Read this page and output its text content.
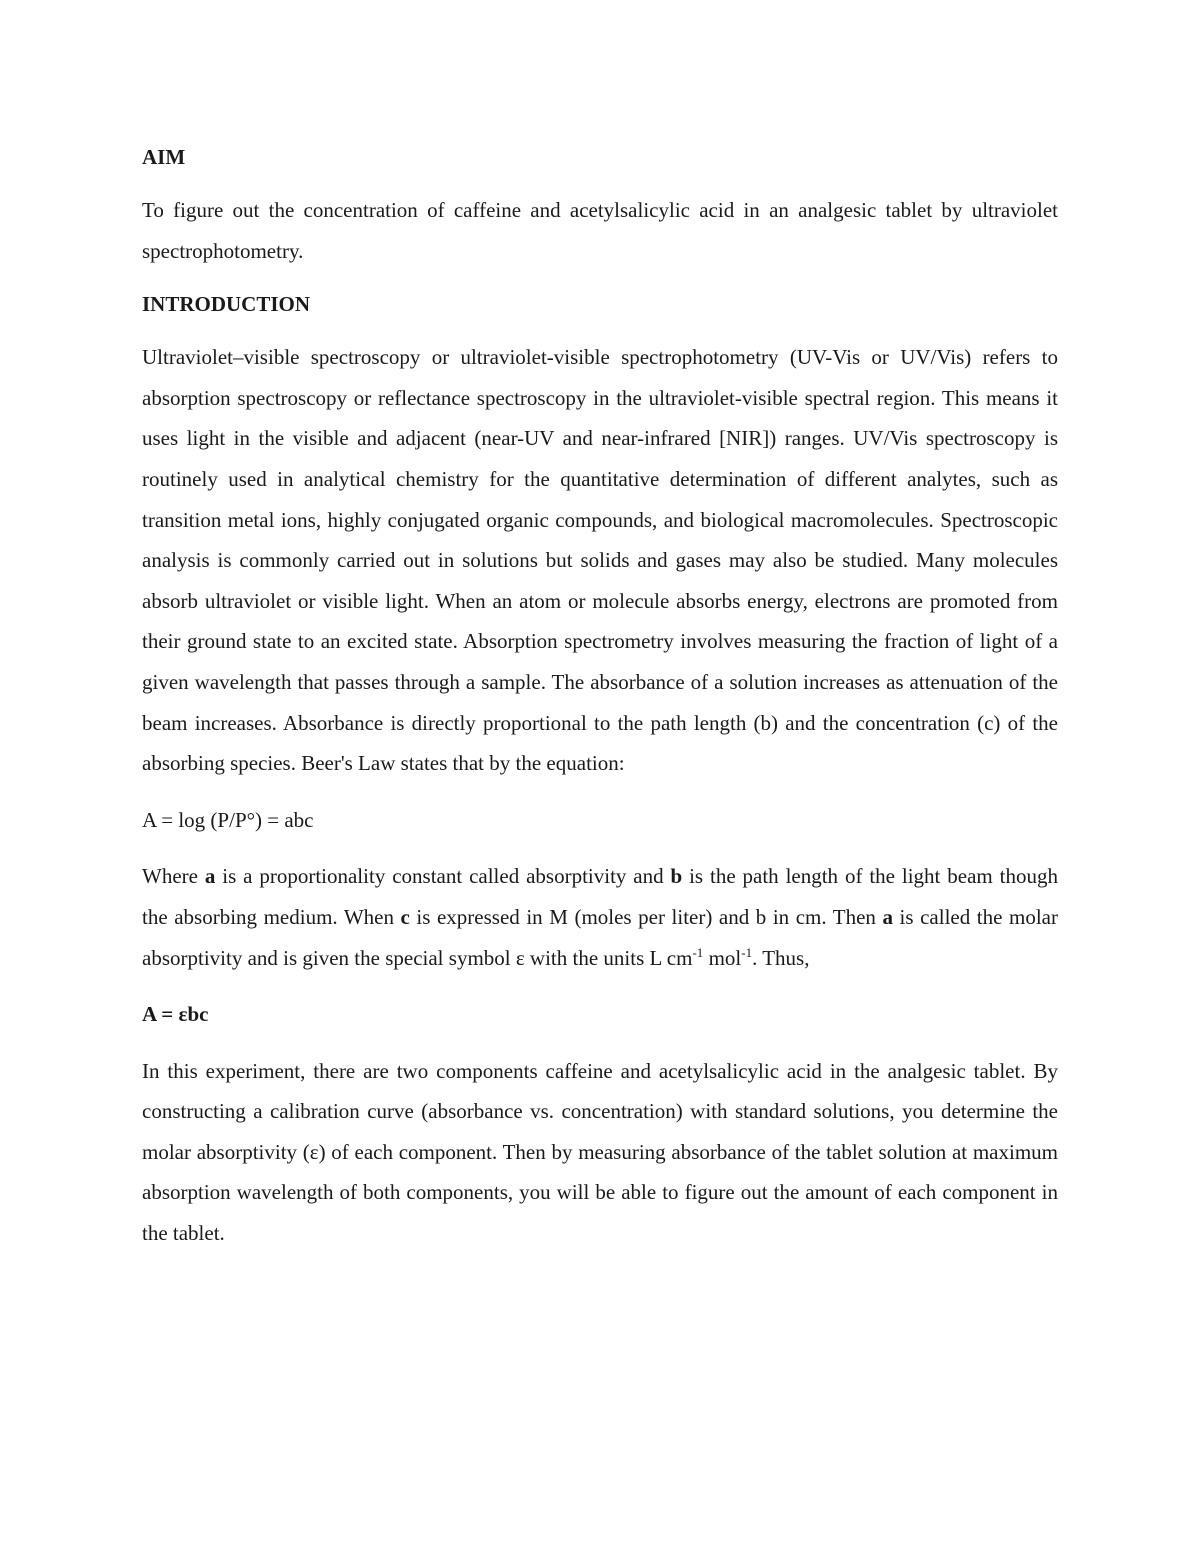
AIM

To figure out the concentration of caffeine and acetylsalicylic acid in an analgesic tablet by ultraviolet spectrophotometry.

INTRODUCTION

Ultraviolet–visible spectroscopy or ultraviolet-visible spectrophotometry (UV-Vis or UV/Vis) refers to absorption spectroscopy or reflectance spectroscopy in the ultraviolet-visible spectral region. This means it uses light in the visible and adjacent (near-UV and near-infrared [NIR]) ranges. UV/Vis spectroscopy is routinely used in analytical chemistry for the quantitative determination of different analytes, such as transition metal ions, highly conjugated organic compounds, and biological macromolecules. Spectroscopic analysis is commonly carried out in solutions but solids and gases may also be studied. Many molecules absorb ultraviolet or visible light. When an atom or molecule absorbs energy, electrons are promoted from their ground state to an excited state. Absorption spectrometry involves measuring the fraction of light of a given wavelength that passes through a sample. The absorbance of a solution increases as attenuation of the beam increases. Absorbance is directly proportional to the path length (b) and the concentration (c) of the absorbing species. Beer's Law states that by the equation:

A = log (P/P°) = abc

Where a is a proportionality constant called absorptivity and b is the path length of the light beam though the absorbing medium. When c is expressed in M (moles per liter) and b in cm. Then a is called the molar absorptivity and is given the special symbol ε with the units L $cm^{-1}$ mol$^{-1}$. Thus,

A = εbc

In this experiment, there are two components caffeine and acetylsalicylic acid in the analgesic tablet. By constructing a calibration curve (absorbance vs. concentration) with standard solutions, you determine the molar absorptivity (ε) of each component. Then by measuring absorbance of the tablet solution at maximum absorption wavelength of both components, you will be able to figure out the amount of each component in the tablet.
